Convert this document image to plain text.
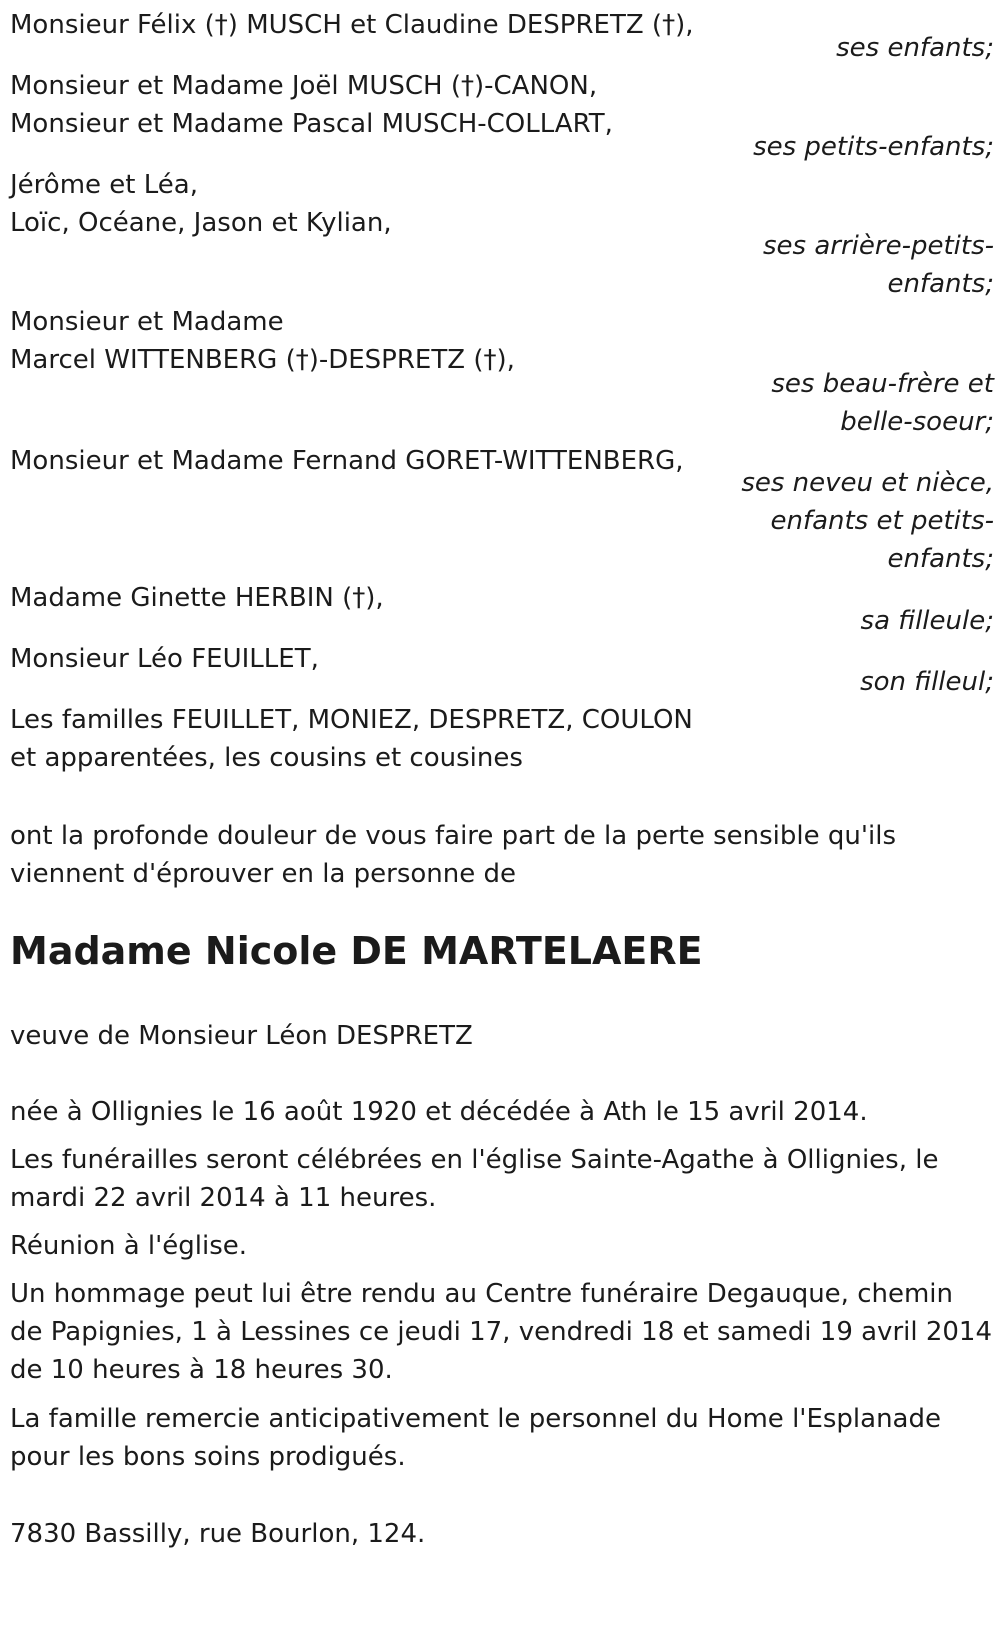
Monsieur Félix (†) MUSCH et Claudine DESPRETZ (†),
ses enfants;
Monsieur et Madame Joël MUSCH (†)-CANON,
Monsieur et Madame Pascal MUSCH-COLLART,
ses petits-enfants;
Jérôme et Léa,
Loïc, Océane, Jason et Kylian,
ses arrière-petits-
enfants;
Monsieur et Madame
Marcel WITTENBERG (†)-DESPRETZ (†),
ses beau-frère et
belle-soeur;
Monsieur et Madame Fernand GORET-WITTENBERG,
ses neveu et nièce,
enfants et petits-
enfants;
Madame Ginette HERBIN (†),
sa filleule;
Monsieur Léo FEUILLET,
son filleul;
Les familles FEUILLET, MONIEZ, DESPRETZ, COULON
et apparentées, les cousins et cousines
ont la profonde douleur de vous faire part de la perte sensible qu'ils
viennent d'éprouver en la personne de
Madame Nicole DE MARTELAERE
veuve de Monsieur Léon DESPRETZ
née à Ollignies le 16 août 1920 et décédée à Ath le 15 avril 2014.
Les funérailles seront célébrées en l'église Sainte-Agathe à Ollignies, le
mardi 22 avril 2014 à 11 heures.
Réunion à l'église.
Un hommage peut lui être rendu au Centre funéraire Degauque, chemin
de Papignies, 1 à Lessines ce jeudi 17, vendredi 18 et samedi 19 avril 2014
de 10 heures à 18 heures 30.
La famille remercie anticipativement le personnel du Home l'Esplanade
pour les bons soins prodigués.
7830 Bassilly, rue Bourlon, 124.
